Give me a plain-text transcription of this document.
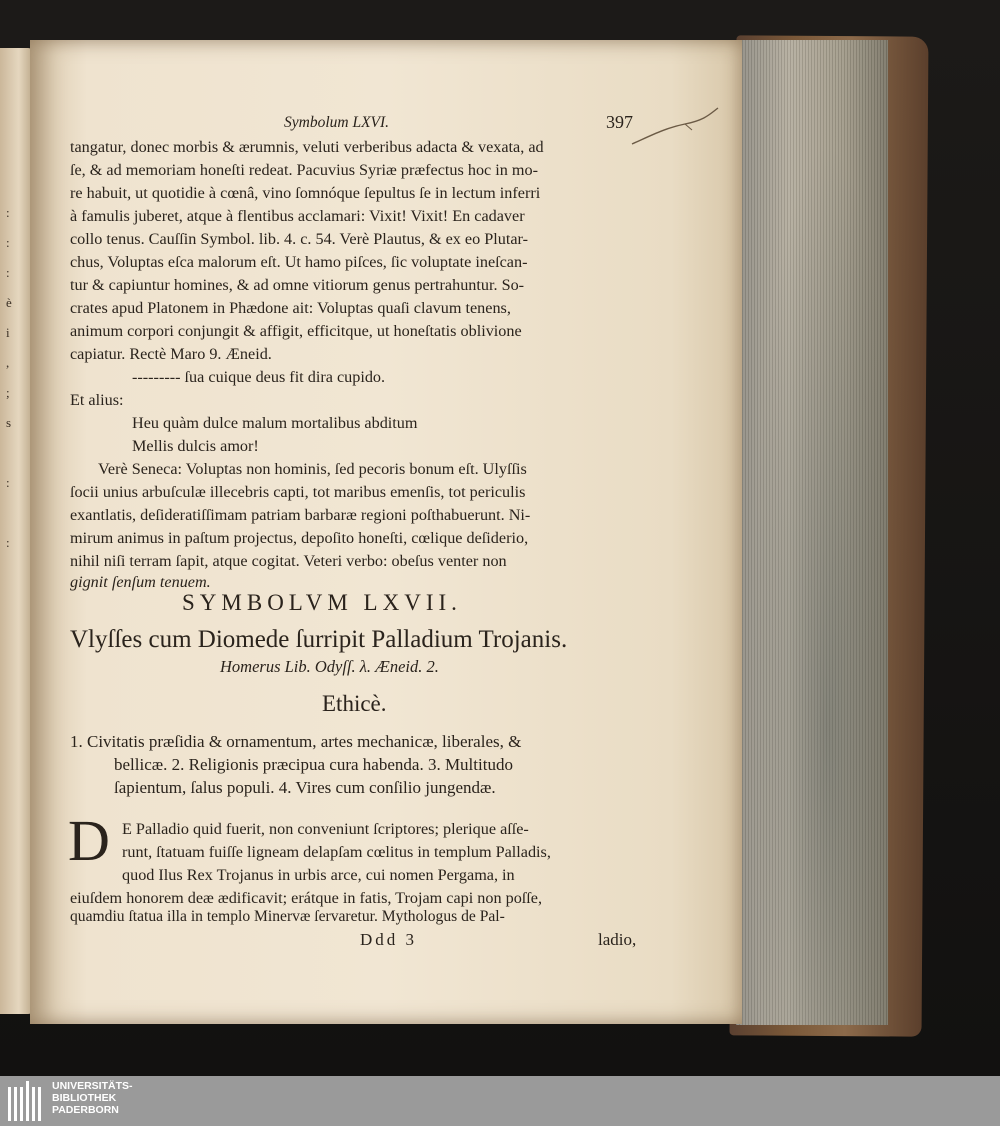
:
:
:
è
i
,
;
s

:

:
Symbolum LXVI.	397
tangatur, donec morbis & ærumnis, veluti verberibus adacta & vexata, ad
ſe, & ad memoriam honeſti redeat. Pacuvius Syriæ præfectus hoc in mo-
re habuit, ut quotidie à cœnâ, vino ſomnóque ſepultus ſe in lectum inferri
à famulis juberet, atque à flentibus acclamari: Vixit! Vixit! En cadaver
collo tenus. Cauſſin Symbol. lib. 4. c. 54. Verè Plautus, & ex eo Plutar-
chus, Voluptas eſca malorum eſt. Ut hamo piſces, ſic voluptate ineſcan-
tur & capiuntur homines, & ad omne vitiorum genus pertrahuntur. So-
crates apud Platonem in Phædone ait: Voluptas quaſi clavum tenens,
animum corpori conjungit & affigit, efficitque, ut honeſtatis oblivione
capiatur. Rectè Maro 9. Æneid.
--------- ſua cuique deus fit dira cupido.
Et alius:
Heu quàm dulce malum mortalibus abditum
Mellis dulcis amor!
Verè Seneca: Voluptas non hominis, ſed pecoris bonum eſt. Ulyſſis
ſocii unius arbuſculæ illecebris capti, tot maribus emenſis, tot periculis
exantlatis, deſideratiſſimam patriam barbaræ regioni poſthabuerunt. Ni-
mirum animus in paſtum projectus, depoſito honeſti, cœlique deſiderio,
nihil niſi terram ſapit, atque cogitat. Veteri verbo: obeſus venter non
gignit ſenſum tenuem.
SYMBOLVM LXVII.
Vlyſſes cum Diomede ſurripit Palladium Trojanis.
Homerus Lib. Odyſſ. λ. Æneid. 2.
Ethicè.
1. Civitatis præſidia & ornamentum, artes mechanicæ, liberales, &
bellicæ. 2. Religionis præcipua cura habenda. 3. Multitudo
ſapientum, ſalus populi. 4. Vires cum conſilio jungendæ.
D E Palladio quid fuerit, non conveniunt ſcriptores; plerique aſſe-
runt, ſtatuam fuiſſe ligneam delapſam cœlitus in templum Palladis,
quod Ilus Rex Trojanus in urbis arce, cui nomen Pergama, in
eiuſdem honorem deæ ædificavit; erátque in fatis, Trojam capi non poſſe,
quamdiu ſtatua illa in templo Minervæ ſervaretur. Mythologus de Pal-
Ddd 3	ladio,
UNIVERSITÄTS-
BIBLIOTHEK
PADERBORN
